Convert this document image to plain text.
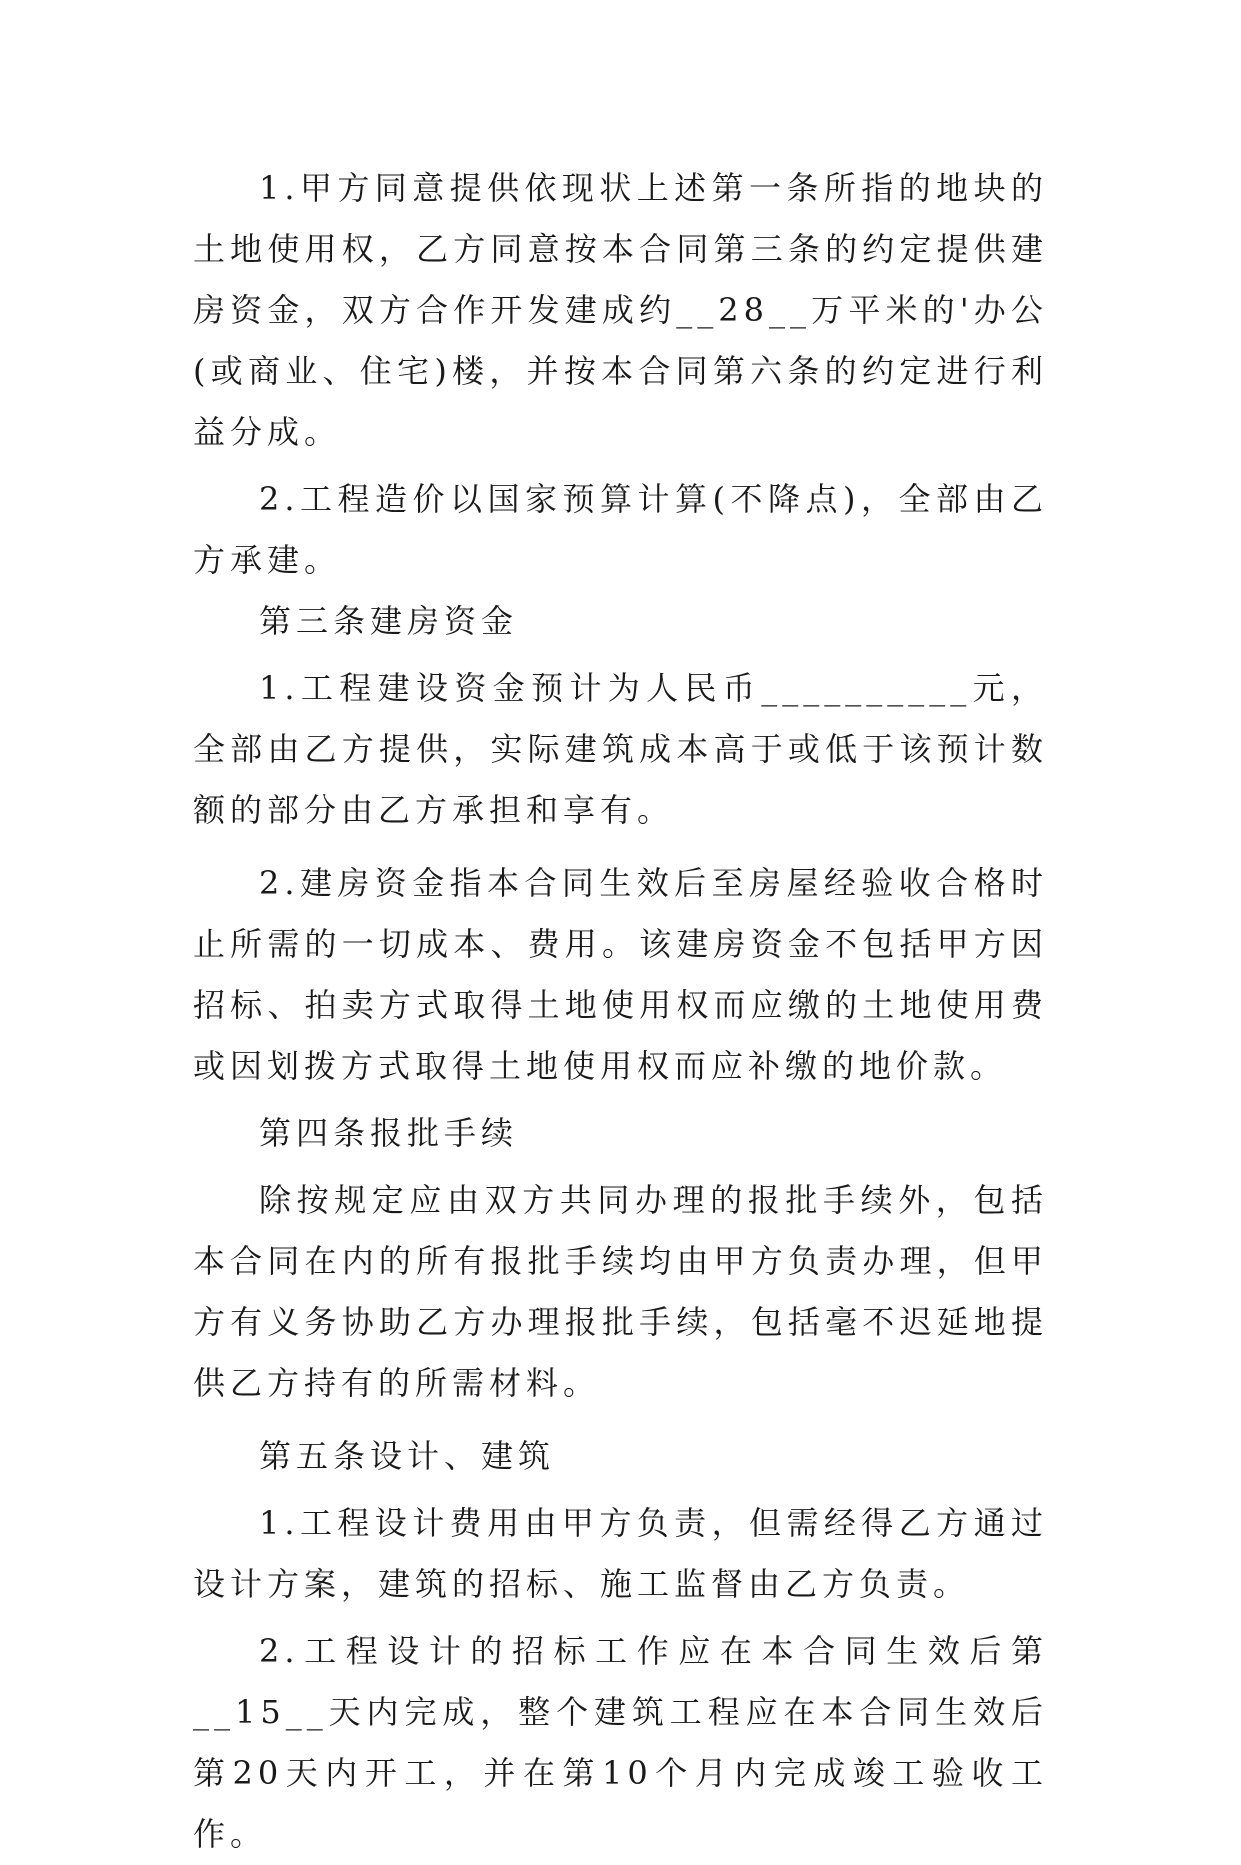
1.甲方同意提供依现状上述第一条所指的地块的土地使用权，乙方同意按本合同第三条的约定提供建房资金，双方合作开发建成约__28__万平米的'办公(或商业、住宅)楼，并按本合同第六条的约定进行利益分成。

2.工程造价以国家预算计算(不降点)，全部由乙方承建。

第三条建房资金

1.工程建设资金预计为人民币__________元，全部由乙方提供，实际建筑成本高于或低于该预计数额的部分由乙方承担和享有。

2.建房资金指本合同生效后至房屋经验收合格时止所需的一切成本、费用。该建房资金不包括甲方因招标、拍卖方式取得土地使用权而应缴的土地使用费或因划拨方式取得土地使用权而应补缴的地价款。

第四条报批手续

除按规定应由双方共同办理的报批手续外，包括本合同在内的所有报批手续均由甲方负责办理，但甲方有义务协助乙方办理报批手续，包括毫不迟延地提供乙方持有的所需材料。

第五条设计、建筑

1.工程设计费用由甲方负责，但需经得乙方通过设计方案，建筑的招标、施工监督由乙方负责。

2.工程设计的招标工作应在本合同生效后第__15__天内完成，整个建筑工程应在本合同生效后第20天内开工，并在第10个月内完成竣工验收工作。
